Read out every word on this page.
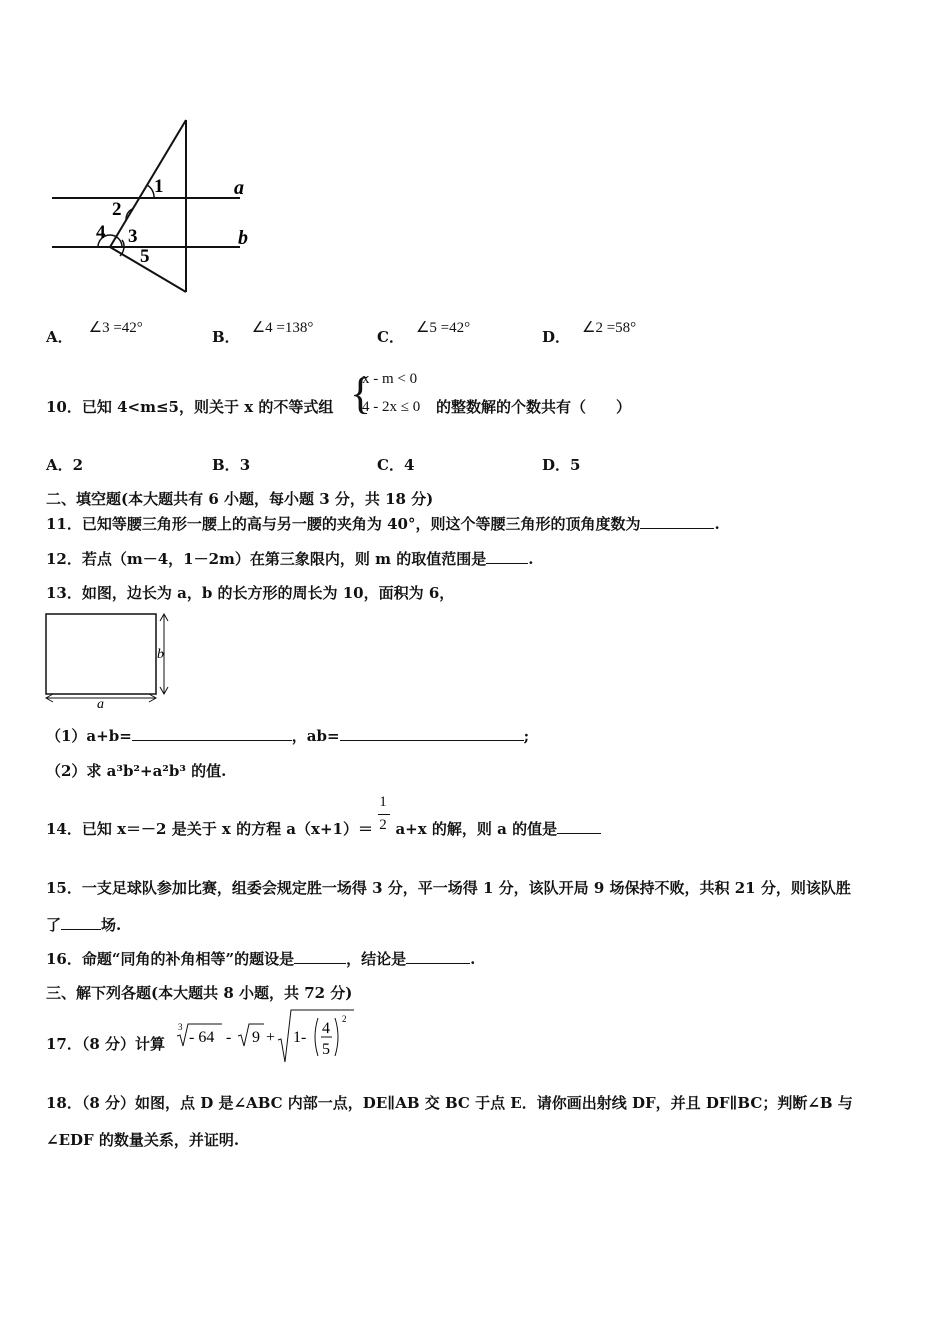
1
2
3
4
5
a
b
A． ∠3 =42°	B． ∠4 =138°	C． ∠5 =42°	D． ∠2 =58°
10．已知 4<m≤5，则关于 x 的不等式组 {
x - m < 0
4 - 2x ≤ 0 的整数解的个数共有（　　）
A．2	B．3	C．4	D．5
二、填空题(本大题共有 6 小题，每小题 3 分，共 18 分)
11．已知等腰三角形一腰上的高与另一腰的夹角为 40°，则这个等腰三角形的顶角度数为	.
12．若点（m－4，1－2m）在第三象限内，则 m 的取值范围是	.
13．如图，边长为 a，b 的长方形的周长为 10，面积为 6，
b
a
（1）a+b=	，ab=	;
（2）求 a³b²+a²b³ 的值.
14．已知 x＝－2 是关于 x 的方程 $a(x+1)= \frac{1}{2} a+x$ 的解，则 a 的值是
15．一支足球队参加比赛，组委会规定胜一场得 3 分，平一场得 1 分，该队开局 9 场保持不败，共积 21 分，则该队胜
了	场.
16．命题“同角的补角相等”的题设是	，结论是	.
三、解下列各题(本大题共 8 小题，共 72 分)
17．（8 分）计算
3
- 64 - 9 + 1-
4
5
2
18．（8 分）如图，点 D 是∠ABC 内部一点，DE∥AB 交 BC 于点 E．请你画出射线 DF，并且 DF∥BC；判断∠B 与
∠EDF 的数量关系，并证明.
